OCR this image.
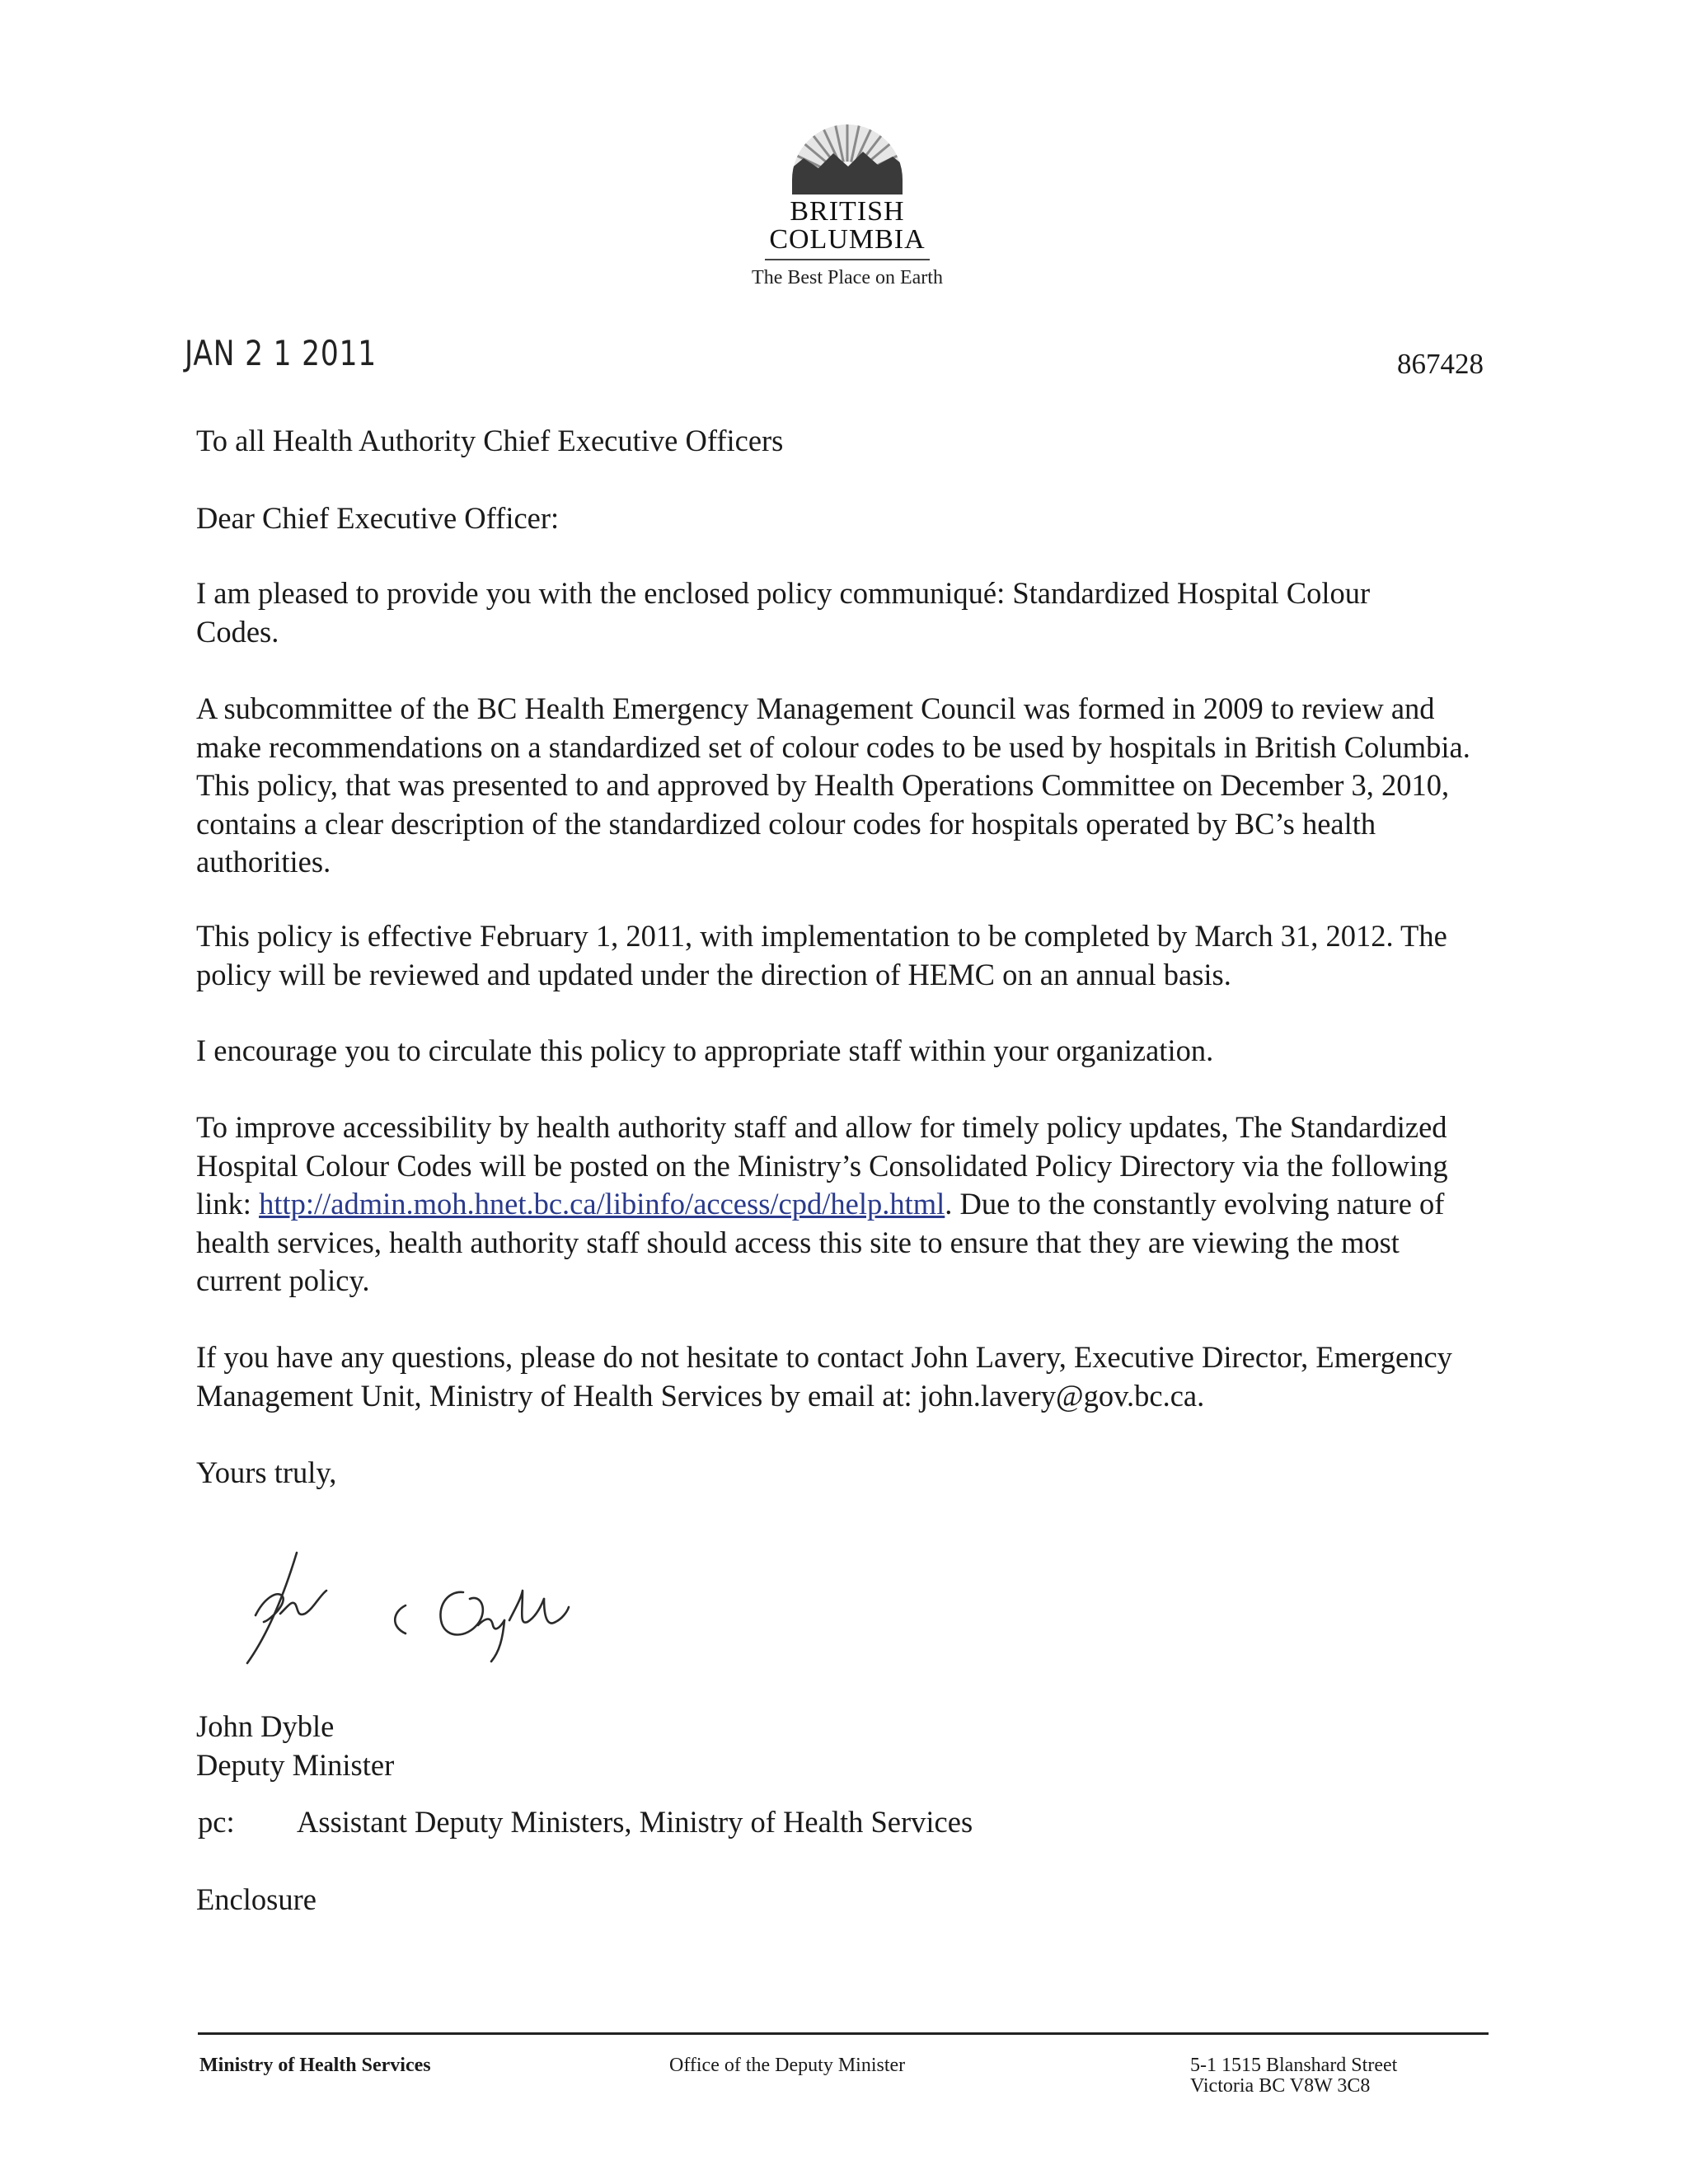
BRITISH
COLUMBIA
The Best Place on Earth
JAN 2 1 2011	867428

To all Health Authority Chief Executive Officers

Dear Chief Executive Officer:

I am pleased to provide you with the enclosed policy communiqué: Standardized Hospital Colour Codes.

A subcommittee of the BC Health Emergency Management Council was formed in 2009 to review and make recommendations on a standardized set of colour codes to be used by hospitals in British Columbia. This policy, that was presented to and approved by Health Operations Committee on December 3, 2010, contains a clear description of the standardized colour codes for hospitals operated by BC’s health authorities.

This policy is effective February 1, 2011, with implementation to be completed by March 31, 2012. The policy will be reviewed and updated under the direction of HEMC on an annual basis.

I encourage you to circulate this policy to appropriate staff within your organization.

To improve accessibility by health authority staff and allow for timely policy updates, The Standardized Hospital Colour Codes will be posted on the Ministry’s Consolidated Policy Directory via the following link: http://admin.moh.hnet.bc.ca/libinfo/access/cpd/help.html. Due to the constantly evolving nature of health services, health authority staff should access this site to ensure that they are viewing the most current policy.

If you have any questions, please do not hesitate to contact John Lavery, Executive Director, Emergency Management Unit, Ministry of Health Services by email at: john.lavery@gov.bc.ca.

Yours truly,

John Dyble

Deputy Minister

pc: Assistant Deputy Ministers, Ministry of Health Services

Enclosure

Ministry of Health Services	Office of the Deputy Minister	5-1 1515 Blanshard Street
Victoria BC V8W 3C8
